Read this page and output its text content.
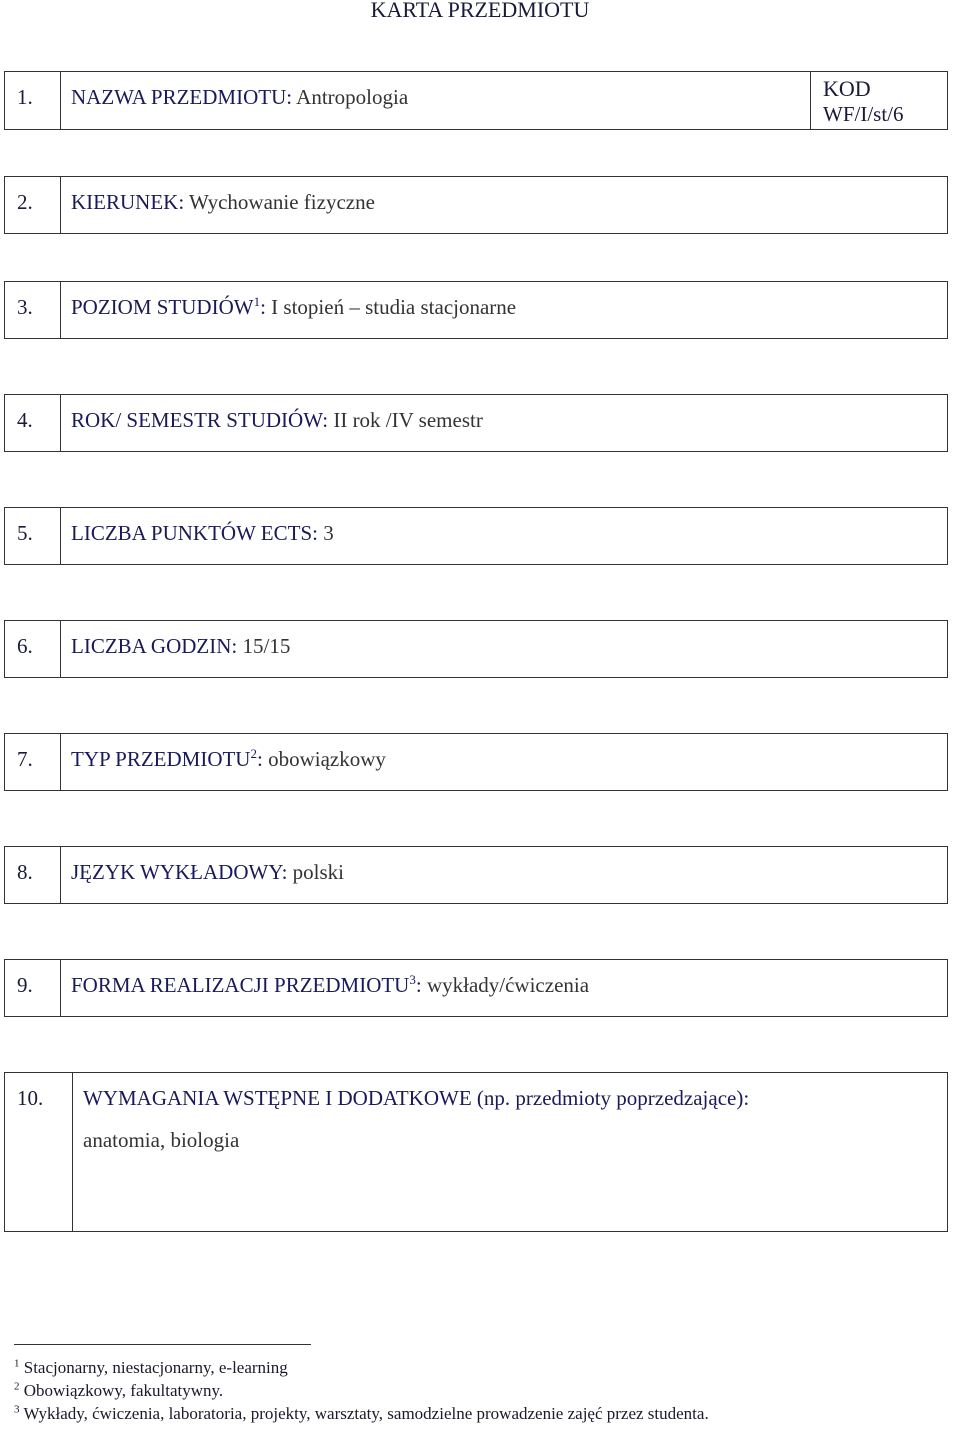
KARTA PRZEDMIOTU
1. NAZWA PRZEDMIOTU: Antropologia	KOD
WF/I/st/6
2. KIERUNEK: Wychowanie fizyczne
3. POZIOM STUDIÓW$^1$: I stopień – studia stacjonarne
4. ROK/ SEMESTR STUDIÓW: II rok /IV semestr
5. LICZBA PUNKTÓW ECTS: 3
6. LICZBA GODZIN: 15/15
7. TYP PRZEDMIOTU$^2$: obowiązkowy
8. JĘZYK WYKŁADOWY: polski
9. FORMA REALIZACJI PRZEDMIOTU$^3$: wykłady/ćwiczenia
10. WYMAGANIA WSTĘPNE I DODATKOWE (np. przedmioty poprzedzające):
anatomia, biologia
$^1$ Stacjonarny, niestacjonarny, e-learning
$^2$ Obowiązkowy, fakultatywny.
$^3$ Wykłady, ćwiczenia, laboratoria, projekty, warsztaty, samodzielne prowadzenie zajęć przez studenta.
